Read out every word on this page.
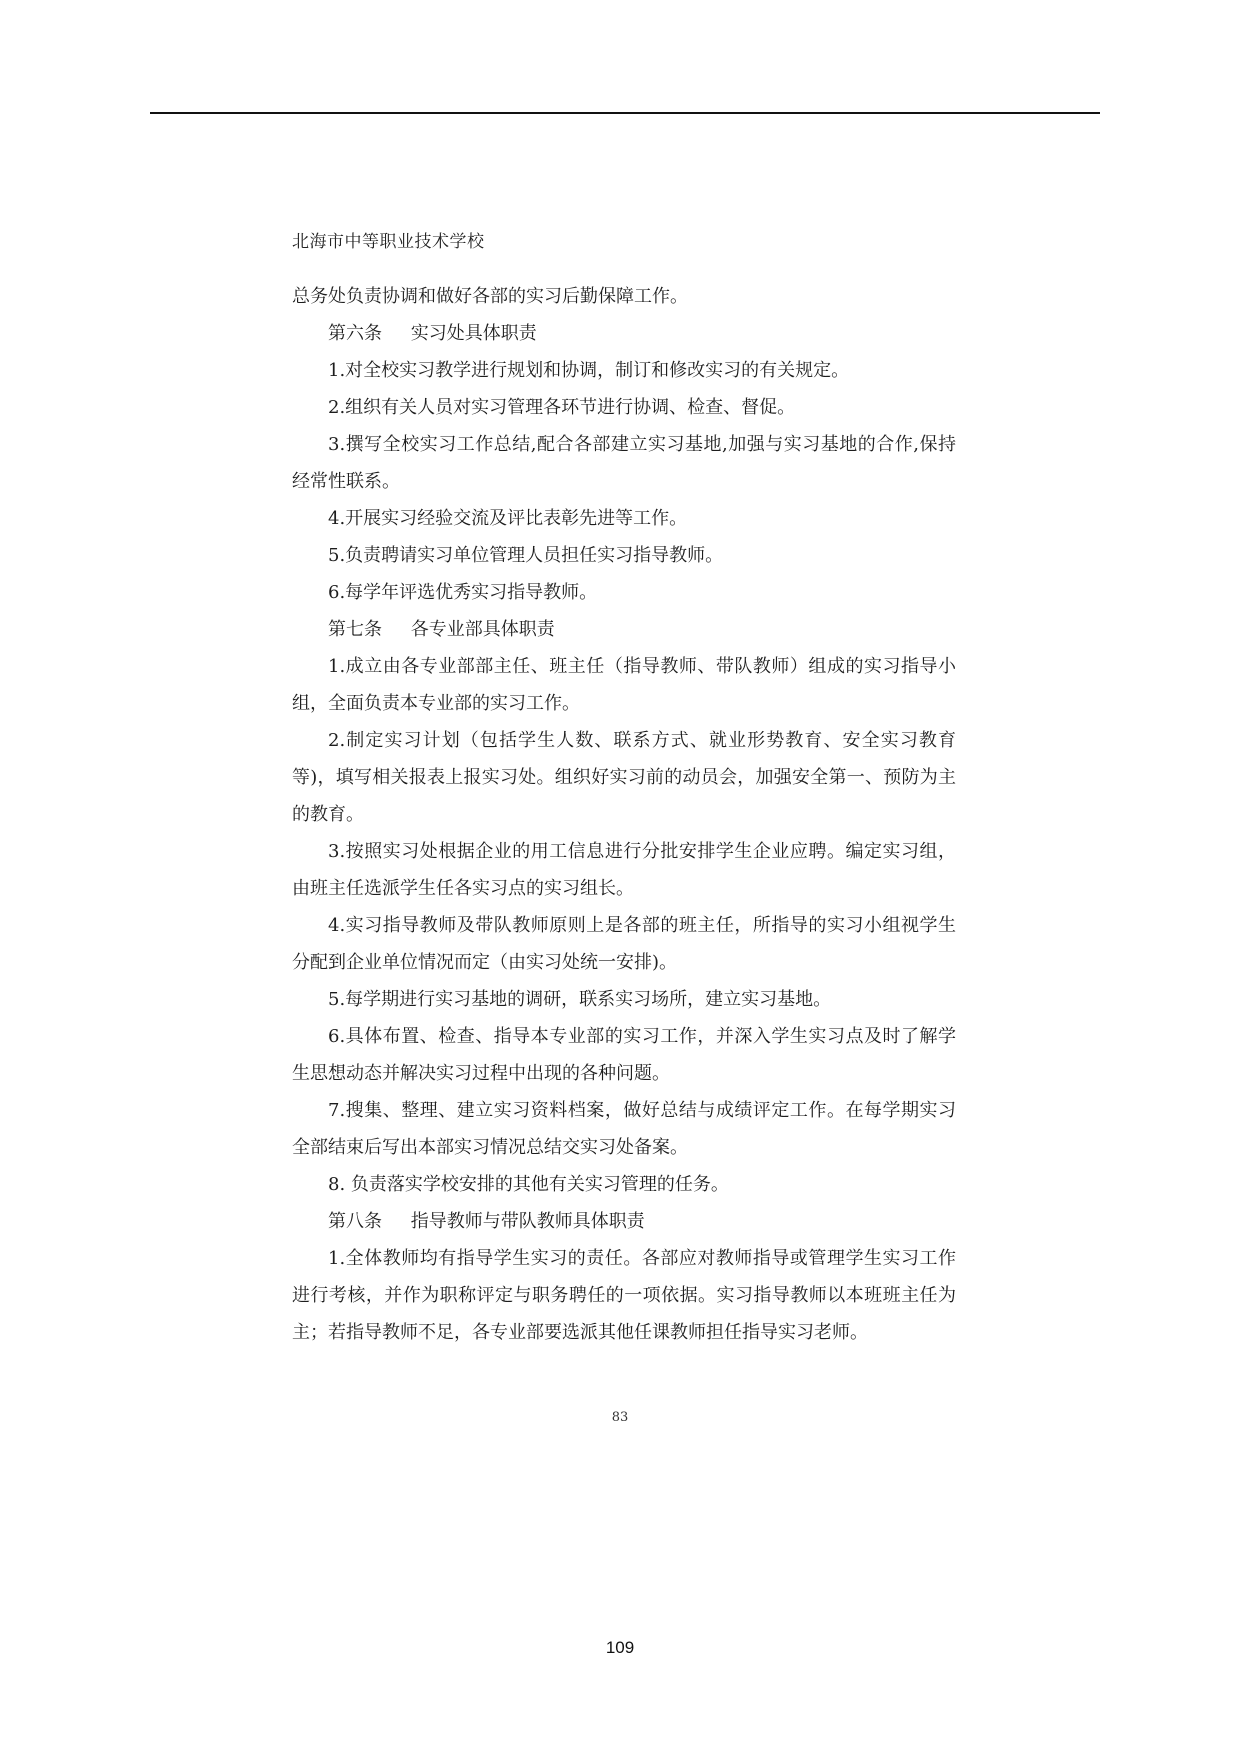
北海市中等职业技术学校

总务处负责协调和做好各部的实习后勤保障工作。

第六条 实习处具体职责

1.对全校实习教学进行规划和协调，制订和修改实习的有关规定。

2.组织有关人员对实习管理各环节进行协调、检查、督促。

3.撰写全校实习工作总结,配合各部建立实习基地,加强与实习基地的合作,保持经常性联系。

4.开展实习经验交流及评比表彰先进等工作。

5.负责聘请实习单位管理人员担任实习指导教师。

6.每学年评选优秀实习指导教师。

第七条 各专业部具体职责

1.成立由各专业部部主任、班主任（指导教师、带队教师）组成的实习指导小组，全面负责本专业部的实习工作。

2.制定实习计划（包括学生人数、联系方式、就业形势教育、安全实习教育等)，填写相关报表上报实习处。组织好实习前的动员会，加强安全第一、预防为主的教育。

3.按照实习处根据企业的用工信息进行分批安排学生企业应聘。编定实习组，由班主任选派学生任各实习点的实习组长。

4.实习指导教师及带队教师原则上是各部的班主任，所指导的实习小组视学生分配到企业单位情况而定（由实习处统一安排)。

5.每学期进行实习基地的调研，联系实习场所，建立实习基地。

6.具体布置、检查、指导本专业部的实习工作，并深入学生实习点及时了解学生思想动态并解决实习过程中出现的各种问题。

7.搜集、整理、建立实习资料档案，做好总结与成绩评定工作。在每学期实习全部结束后写出本部实习情况总结交实习处备案。

8. 负责落实学校安排的其他有关实习管理的任务。

第八条 指导教师与带队教师具体职责

1.全体教师均有指导学生实习的责任。各部应对教师指导或管理学生实习工作进行考核，并作为职称评定与职务聘任的一项依据。实习指导教师以本班班主任为主；若指导教师不足，各专业部要选派其他任课教师担任指导实习老师。

83
109
